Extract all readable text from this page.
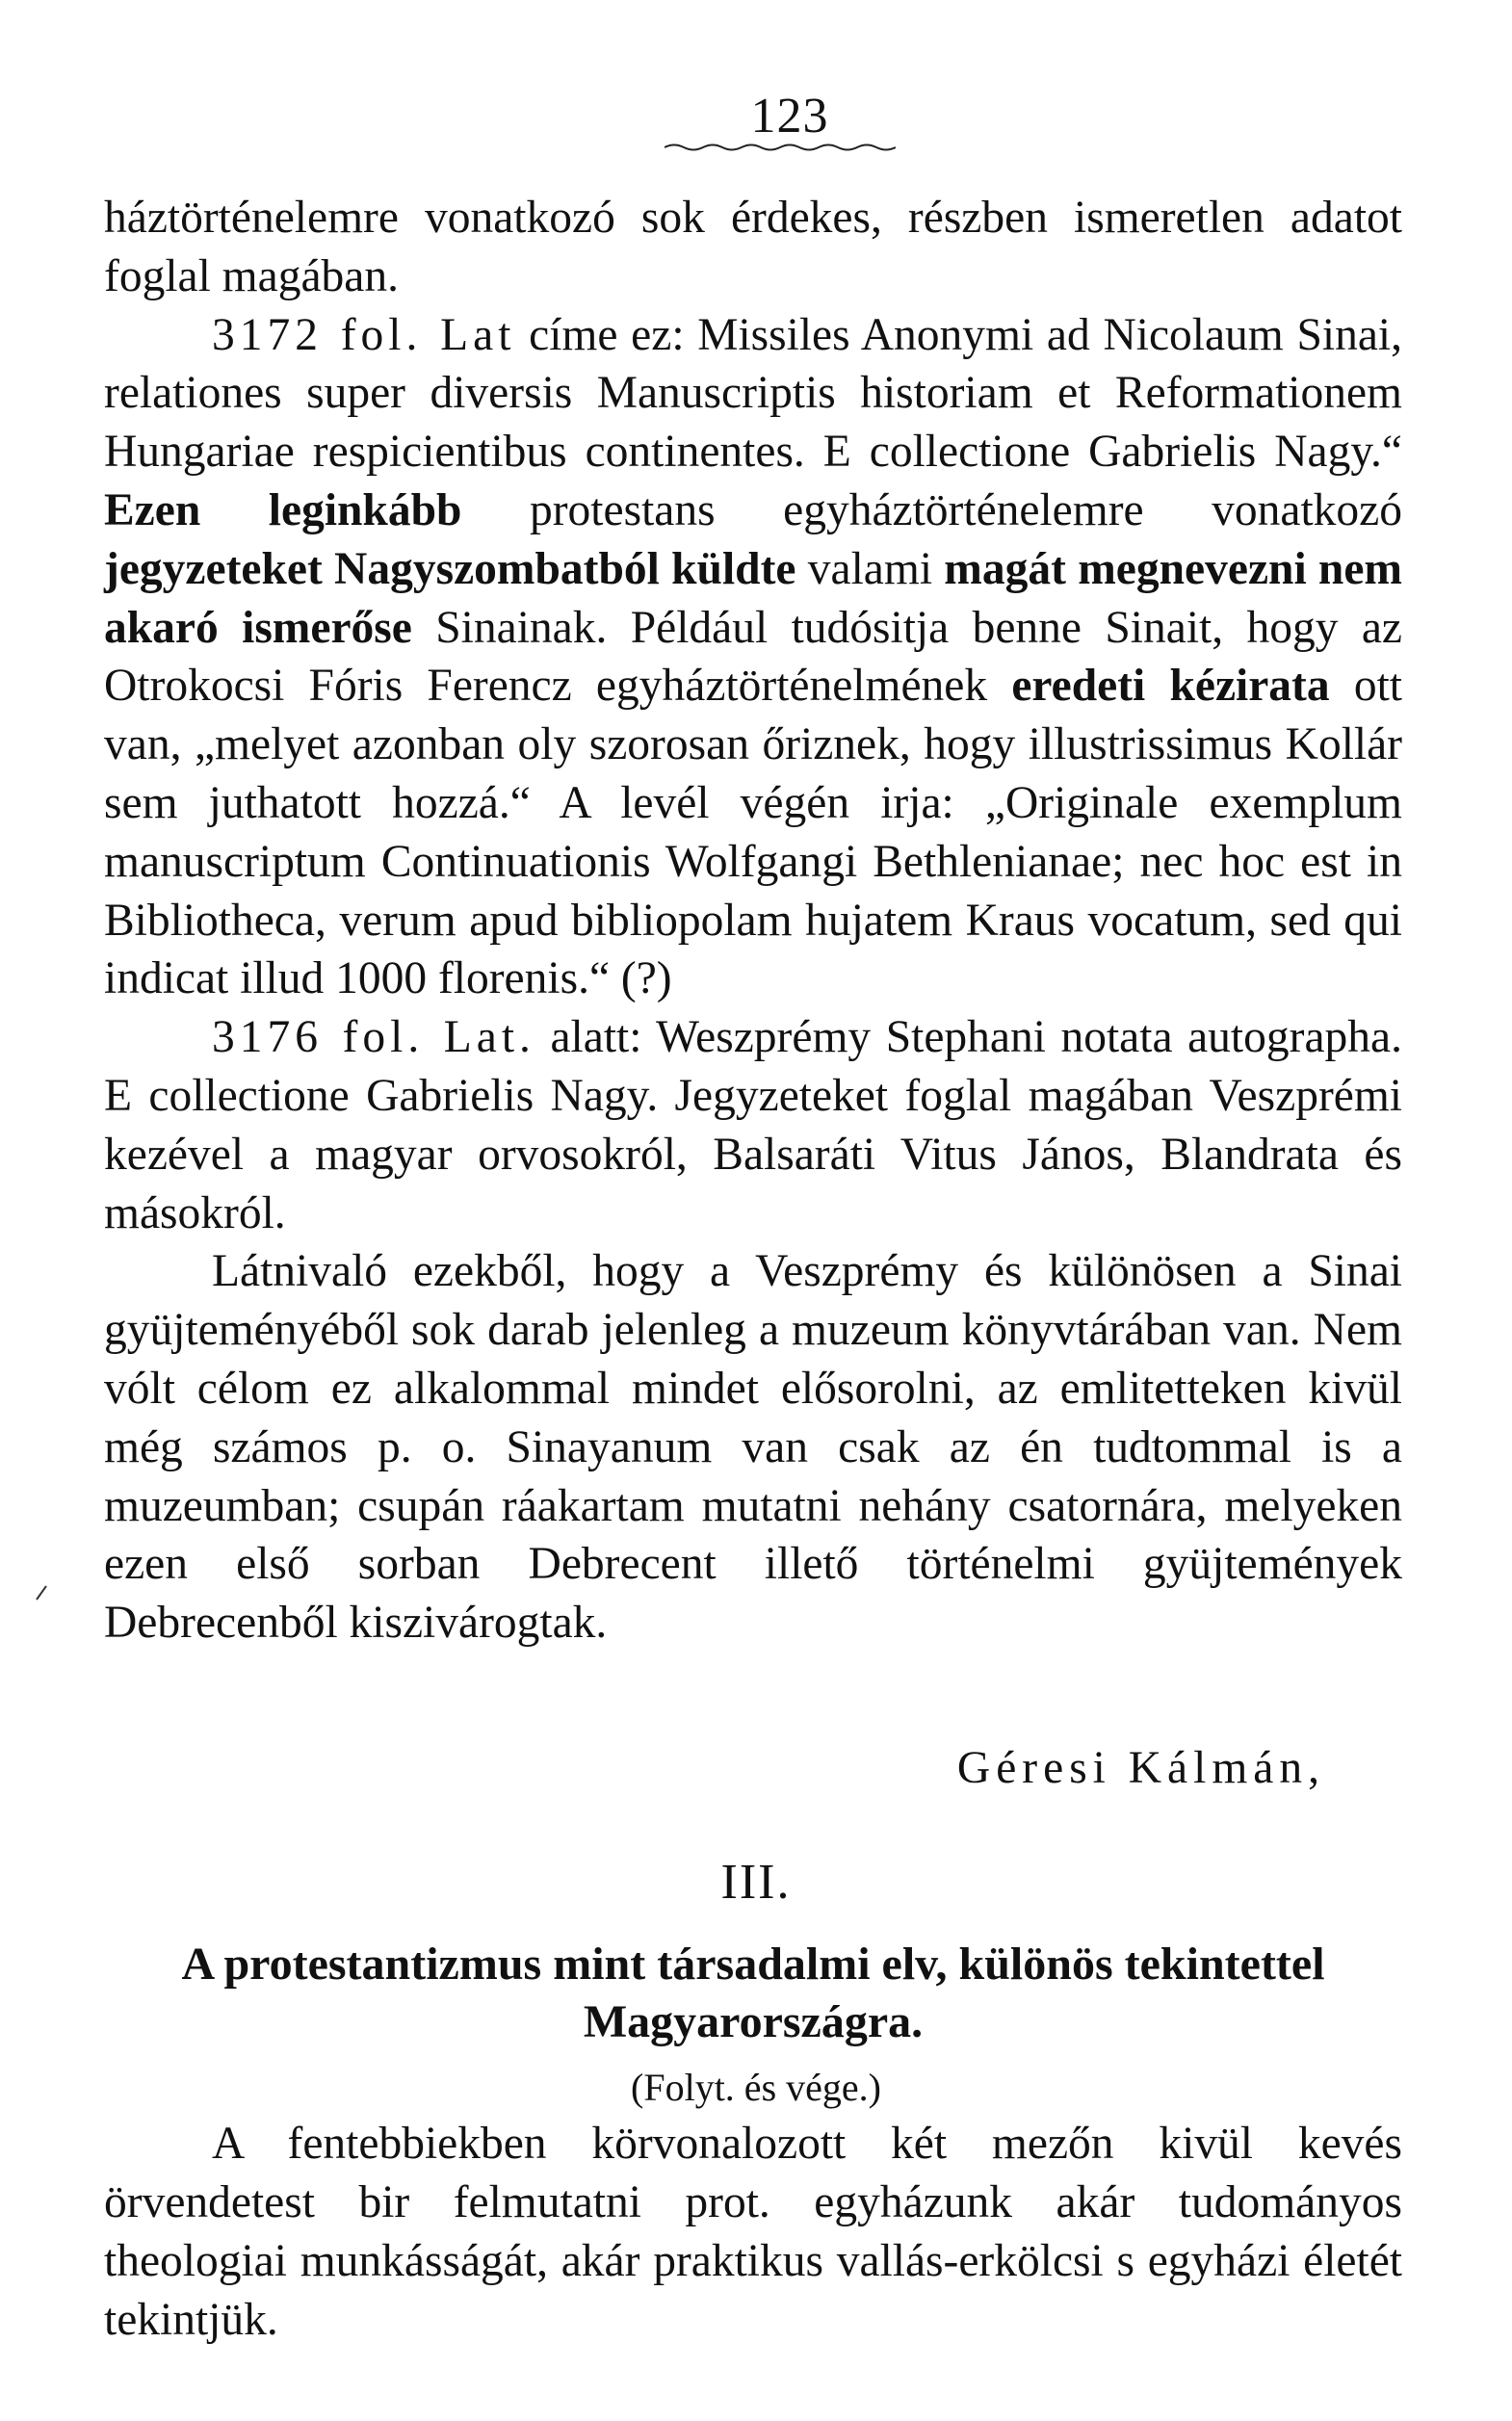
123

háztörténelemre vonatkozó sok érdekes, részben ismeretlen adatot foglal magában.

3172 fol. Lat címe ez: Missiles Anonymi ad Nicolaum Sinai, relationes super diversis Manuscriptis historiam et Reformationem Hungariae respicientibus continentes. E collectione Gabrielis Nagy.“ Ezen leginkább protestans egyháztörténelemre vonatkozó jegyzeteket Nagyszombatból küldte valami magát megnevezni nem akaró ismerőse Sinainak. Például tudósitja benne Sinait, hogy az Otrokocsi Fóris Ferencz egyháztörténelmének eredeti kézirata ott van, „melyet azonban oly szorosan őriznek, hogy illustrissimus Kollár sem juthatott hozzá.“ A levél végén irja: „Originale exemplum manuscriptum Continuationis Wolfgangi Bethlenianae; nec hoc est in Bibliotheca, verum apud bibliopolam hujatem Kraus vocatum, sed qui indicat illud 1000 florenis.“ (?)

3176 fol. Lat. alatt: Weszprémy Stephani notata autographa. E collectione Gabrielis Nagy. Jegyzeteket foglal magában Veszprémi kezével a magyar orvosokról, Balsaráti Vitus János, Blandrata és másokról.

Látnivaló ezekből, hogy a Veszprémy és különösen a Sinai gyüjteményéből sok darab jelenleg a muzeum könyvtárában van. Nem vólt célom ez alkalommal mindet elősorolni, az emlitetteken kivül még számos p. o. Sinayanum van csak az én tudtommal is a muzeumban; csupán ráakartam mutatni nehány csatornára, melyeken ezen első sorban Debrecent illető történelmi gyüjtemények Debrecenből kiszivárogtak.

Géresi Kálmán,

III.

A protestantizmus mint társadalmi elv, különös tekintettel Magyarországra.

(Folyt. és vége.)

A fentebbiekben körvonalozott két mezőn kivül kevés örvendetest bir felmutatni prot. egyházunk akár tudományos theologiai munkásságát, akár praktikus vallás-erkölcsi s egyházi életét tekintjük.
